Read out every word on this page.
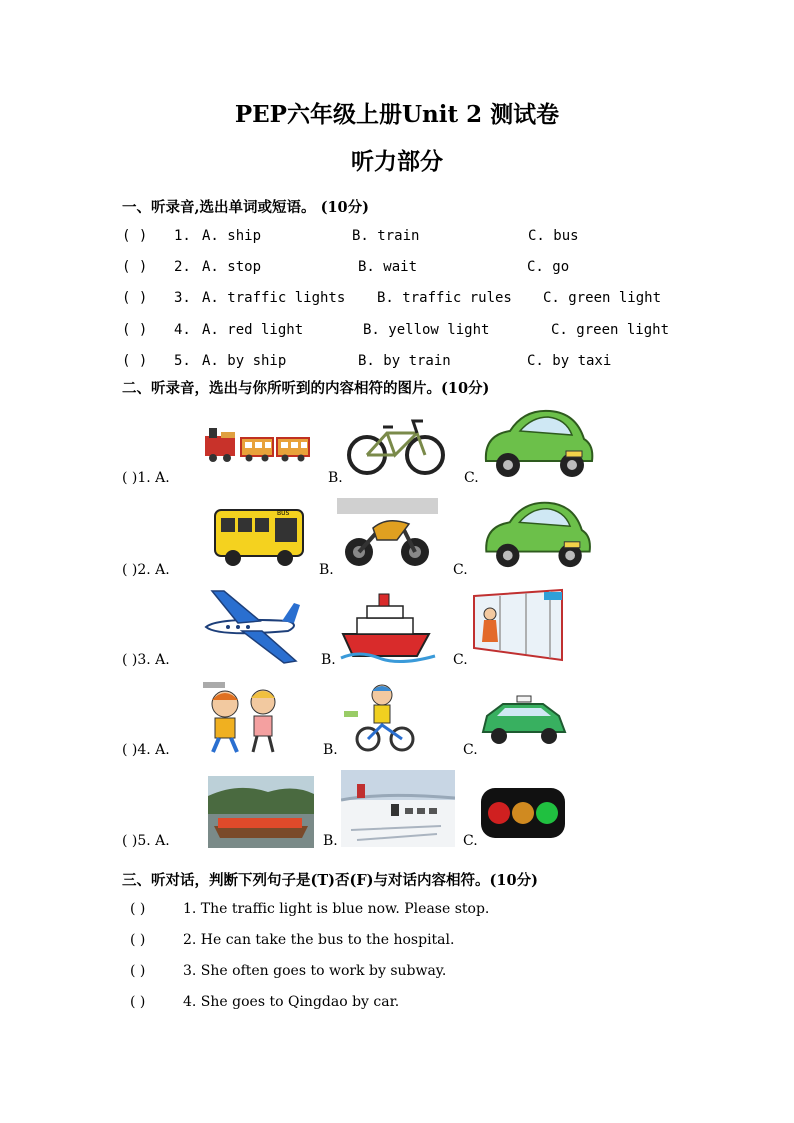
PEP六年级上册Unit 2 测试卷
听力部分
一、听录音,选出单词或短语。 (10分)
( ) 1. A. ship	B. train	C. bus
( ) 2. A. stop	B. wait	C. go
( ) 3. A. traffic lights B. traffic rules C. green light
( ) 4. A. red light	B. yellow light	C. green light
( ) 5. A. by ship	B. by train	C. by taxi
二、听录音，选出与你所听到的内容相符的图片。(10分)
( )1. A.	B.	C.
BUS
( )2. A.	B.	C.
( )3. A.	B.	C.
( )4. A.	B.	C.
( )5. A.	B.	C.
三、听对话，判断下列句子是(T)否(F)与对话内容相符。(10分)
( )	1. The traffic light is blue now. Please stop.
( )	2. He can take the bus to the hospital.
( )	3. She often goes to work by subway.
( )	4. She goes to Qingdao by car.
